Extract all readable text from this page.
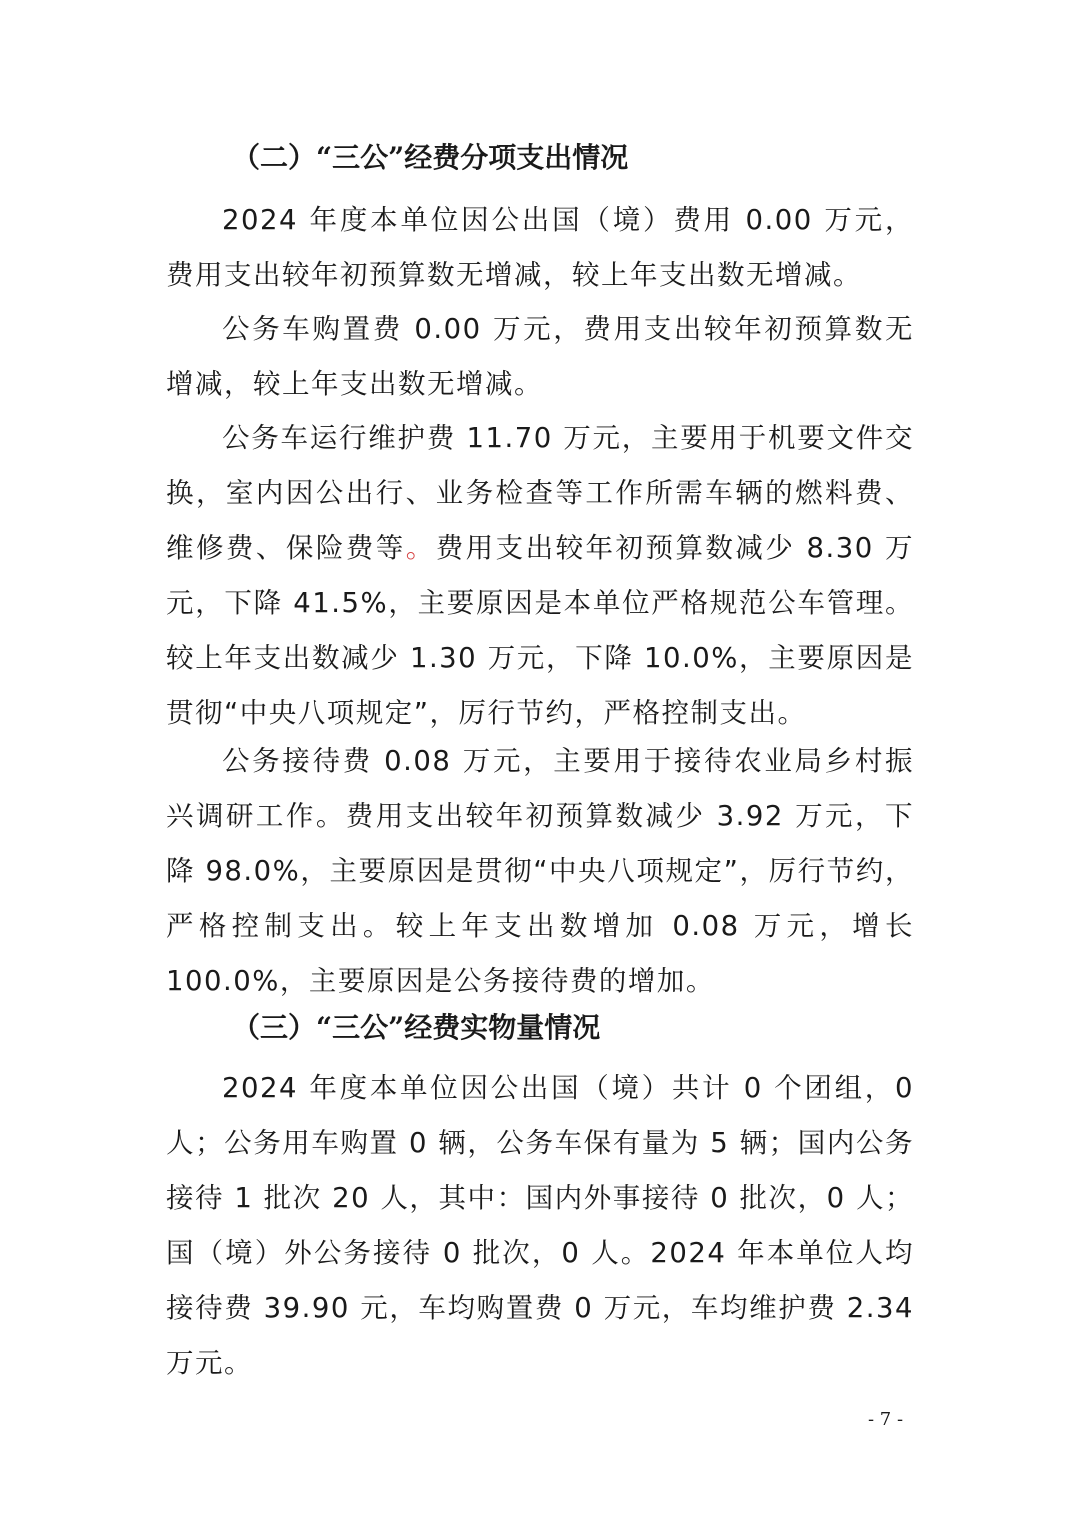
（二）“三公”经费分项支出情况

2024 年度本单位因公出国（境）费用 0.00 万元，费用支出较年初预算数无增减，较上年支出数无增减。

公务车购置费 0.00 万元，费用支出较年初预算数无增减，较上年支出数无增减。

公务车运行维护费 11.70 万元，主要用于机要文件交换，室内因公出行、业务检查等工作所需车辆的燃料费、维修费、保险费等。费用支出较年初预算数减少 8.30 万元，下降 41.5%，主要原因是本单位严格规范公车管理。较上年支出数减少 1.30 万元，下降 10.0%，主要原因是贯彻“中央八项规定”，厉行节约，严格控制支出。

公务接待费 0.08 万元，主要用于接待农业局乡村振兴调研工作。费用支出较年初预算数减少 3.92 万元，下降 98.0%，主要原因是贯彻“中央八项规定”，厉行节约，严格控制支出。较上年支出数增加 0.08 万元，增长 100.0%，主要原因是公务接待费的增加。

（三）“三公”经费实物量情况

2024 年度本单位因公出国（境）共计 0 个团组，0 人；公务用车购置 0 辆，公务车保有量为 5 辆；国内公务接待 1 批次 20 人，其中：国内外事接待 0 批次，0 人；国（境）外公务接待 0 批次，0 人。2024 年本单位人均接待费 39.90 元，车均购置费 0 万元，车均维护费 2.34 万元。

- 7 -
